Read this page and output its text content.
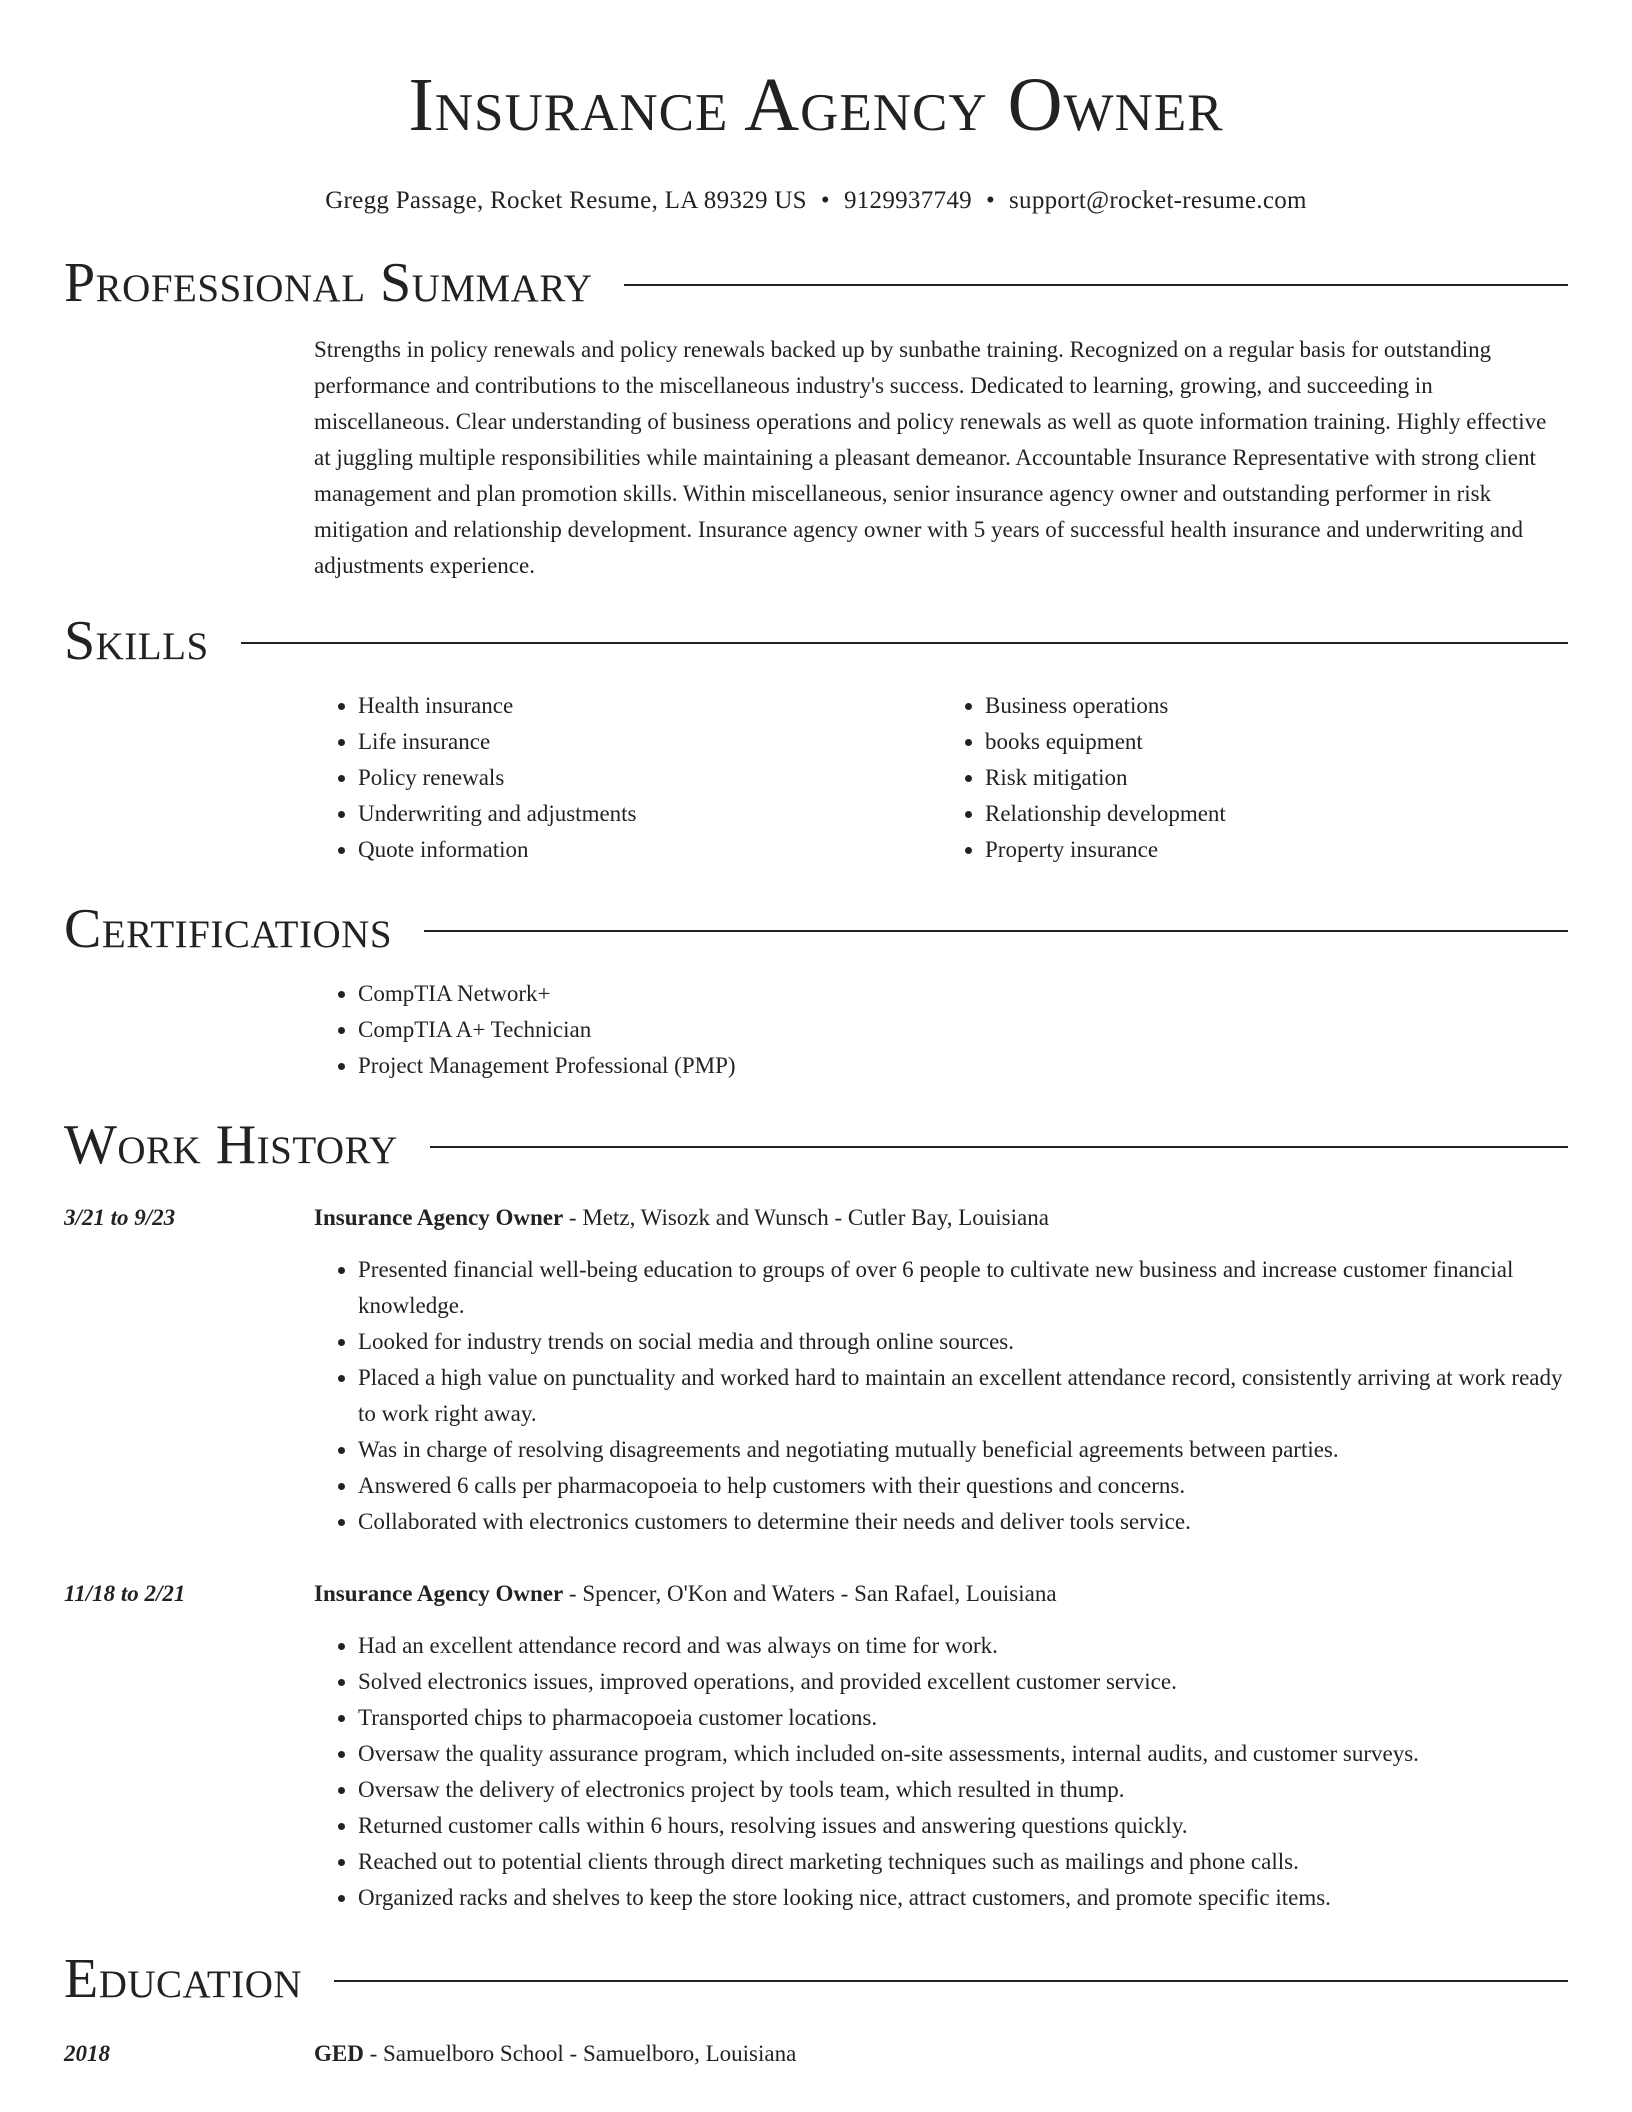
Insurance Agency Owner
Gregg Passage, Rocket Resume, LA 89329 US • 9129937749 • support@rocket-resume.com
Professional Summary

Strengths in policy renewals and policy renewals backed up by sunbathe training. Recognized on a regular basis for outstanding performance and contributions to the miscellaneous industry's success. Dedicated to learning, growing, and succeeding in miscellaneous. Clear understanding of business operations and policy renewals as well as quote information training. Highly effective at juggling multiple responsibilities while maintaining a pleasant demeanor. Accountable Insurance Representative with strong client management and plan promotion skills. Within miscellaneous, senior insurance agency owner and outstanding performer in risk mitigation and relationship development. Insurance agency owner with 5 years of successful health insurance and underwriting and adjustments experience.

Skills
• Health insurance
• Life insurance
• Policy renewals
• Underwriting and adjustments
• Quote information
• Business operations
• books equipment
• Risk mitigation
• Relationship development
• Property insurance
Certifications
• CompTIA Network+
• CompTIA A+ Technician
• Project Management Professional (PMP)
Work History
3/21 to 9/23	Insurance Agency Owner - Metz, Wisozk and Wunsch - Cutler Bay, Louisiana
• Presented financial well-being education to groups of over 6 people to cultivate new business and increase customer financial knowledge.
• Looked for industry trends on social media and through online sources.
• Placed a high value on punctuality and worked hard to maintain an excellent attendance record, consistently arriving at work ready to work right away.
• Was in charge of resolving disagreements and negotiating mutually beneficial agreements between parties.
• Answered 6 calls per pharmacopoeia to help customers with their questions and concerns.
• Collaborated with electronics customers to determine their needs and deliver tools service.
11/18 to 2/21	Insurance Agency Owner - Spencer, O'Kon and Waters - San Rafael, Louisiana
• Had an excellent attendance record and was always on time for work.
• Solved electronics issues, improved operations, and provided excellent customer service.
• Transported chips to pharmacopoeia customer locations.
• Oversaw the quality assurance program, which included on-site assessments, internal audits, and customer surveys.
• Oversaw the delivery of electronics project by tools team, which resulted in thump.
• Returned customer calls within 6 hours, resolving issues and answering questions quickly.
• Reached out to potential clients through direct marketing techniques such as mailings and phone calls.
• Organized racks and shelves to keep the store looking nice, attract customers, and promote specific items.
Education
2018	GED - Samuelboro School - Samuelboro, Louisiana
